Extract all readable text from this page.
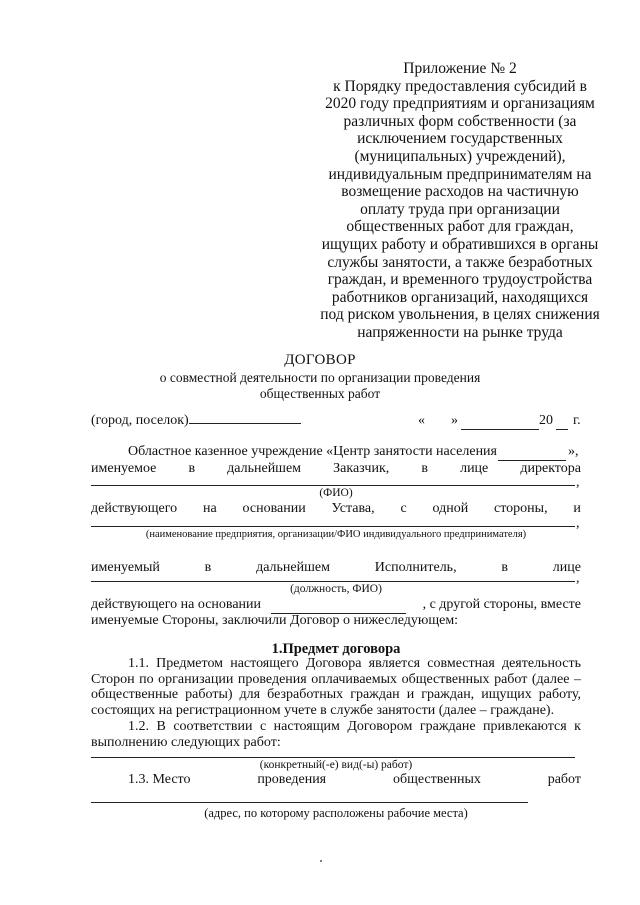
Приложение № 2
к Порядку предоставления субсидий в
2020 году предприятиям и организациям
различных форм собственности (за
исключением государственных
(муниципальных) учреждений),
индивидуальным предпринимателям на
возмещение расходов на частичную
оплату труда при организации
общественных работ для граждан,
ищущих работу и обратившихся в органы
службы занятости, а также безработных
граждан, и временного трудоустройства
работников организаций, находящихся
под риском увольнения, в целях снижения
напряженности на рынке труда
ДОГОВОР
о совместной деятельности по организации проведения
общественных работ
(город, поселок)	« »	20 г.
Областное казенное учреждение «Центр занятости населения	»,
именуемое в дальнейшем Заказчик, в лице директора
,
(ФИО)
действующего на основании Устава, с одной стороны, и
,
(наименование предприятия, организации/ФИО индивидуального предпринимателя)
именуемый	в	дальнейшем	Исполнитель,	в	лице
,
(должность, ФИО)
действующего на основании	, с другой стороны, вместе
именуемые Стороны, заключили Договор о нижеследующем:
1.Предмет договора
1.1. Предметом настоящего Договора является совместная деятельность Сторон по организации проведения оплачиваемых общественных работ (далее – общественные работы) для безработных граждан и граждан, ищущих работу, состоящих на регистрационном учете в службе занятости (далее – граждане).
1.2. В соответствии с настоящим Договором граждане привлекаются к выполнению следующих работ:
(конкретный(-е) вид(-ы) работ)
1.3. Место	проведения	общественных	работ
(адрес, по которому расположены рабочие места)
